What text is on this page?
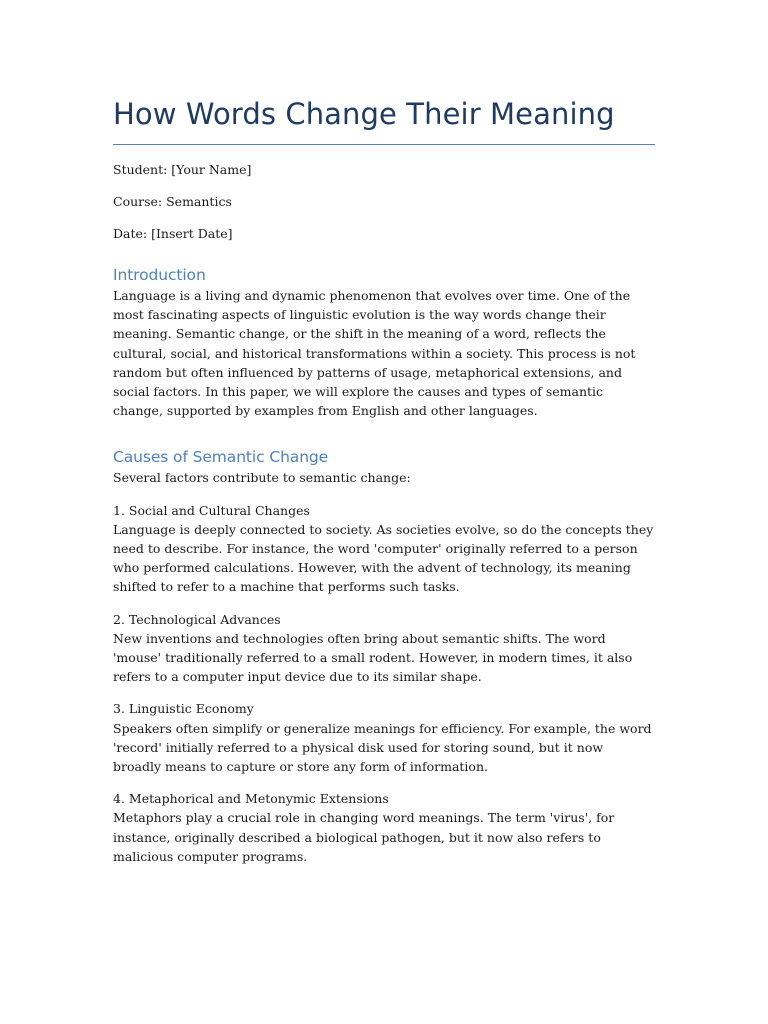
How Words Change Their Meaning

Student: [Your Name]

Course: Semantics

Date: [Insert Date]

Introduction

Language is a living and dynamic phenomenon that evolves over time. One of the most fascinating aspects of linguistic evolution is the way words change their meaning. Semantic change, or the shift in the meaning of a word, reflects the cultural, social, and historical transformations within a society. This process is not random but often influenced by patterns of usage, metaphorical extensions, and social factors. In this paper, we will explore the causes and types of semantic change, supported by examples from English and other languages.

Causes of Semantic Change

Several factors contribute to semantic change:

1. Social and Cultural Changes

Language is deeply connected to society. As societies evolve, so do the concepts they need to describe. For instance, the word 'computer' originally referred to a person who performed calculations. However, with the advent of technology, its meaning shifted to refer to a machine that performs such tasks.

2. Technological Advances

New inventions and technologies often bring about semantic shifts. The word 'mouse' traditionally referred to a small rodent. However, in modern times, it also refers to a computer input device due to its similar shape.

3. Linguistic Economy

Speakers often simplify or generalize meanings for efficiency. For example, the word 'record' initially referred to a physical disk used for storing sound, but it now broadly means to capture or store any form of information.

4. Metaphorical and Metonymic Extensions

Metaphors play a crucial role in changing word meanings. The term 'virus', for instance, originally described a biological pathogen, but it now also refers to malicious computer programs.
